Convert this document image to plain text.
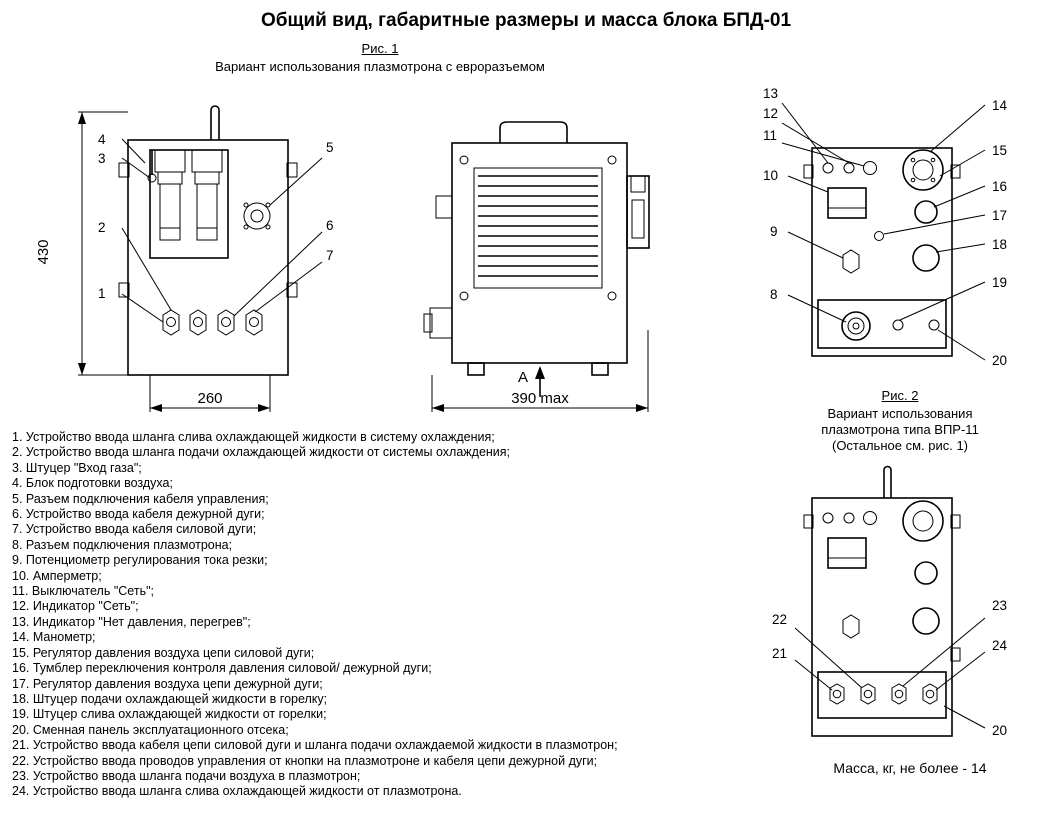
Общий вид, габаритные размеры и масса блока БПД-01
Рис. 1
Вариант использования плазмотрона с евроразъемом
Рис. 2
Вариант использования
плазмотрона типа ВПР-11
(Остальное см. рис. 1)
Масса, кг, не более - 14
1. Устройство ввода шланга слива охлаждающей жидкости в систему охлаждения;
2. Устройство ввода шланга подачи охлаждающей жидкости от системы охлаждения;
3. Штуцер "Вход газа";
4. Блок подготовки воздуха;
5. Разъем подключения кабеля управления;
6. Устройство ввода кабеля дежурной дуги;
7. Устройство ввода кабеля силовой дуги;
8. Разъем подключения плазмотрона;
9. Потенциометр регулирования тока резки;
10. Амперметр;
11. Выключатель "Сеть";
12. Индикатор "Сеть";
13. Индикатор "Нет давления, перегрев";
14. Манометр;
15. Регулятор давления воздуха цепи силовой дуги;
16. Тумблер переключения контроля давления силовой/ дежурной дуги;
17. Регулятор давления воздуха цепи дежурной дуги;
18. Штуцер подачи охлаждающей жидкости в горелку;
19. Штуцер слива охлаждающей жидкости от горелки;
20. Сменная панель эксплуатационного отсека;
21. Устройство ввода кабеля цепи силовой дуги и шланга подачи охлаждаемой жидкости в плазмотрон;
22. Устройство ввода проводов управления от кнопки на плазмотроне и кабеля цепи дежурной дуги;
23. Устройство ввода шланга подачи воздуха в плазмотрон;
24. Устройство ввода шланга слива охлаждающей жидкости от плазмотрона.
4
3
2
1
5
6
7
430
260
А
390 max
13
12
11
10
9
8
14
15
16
17
18
19
20
22
21
23
24
20
